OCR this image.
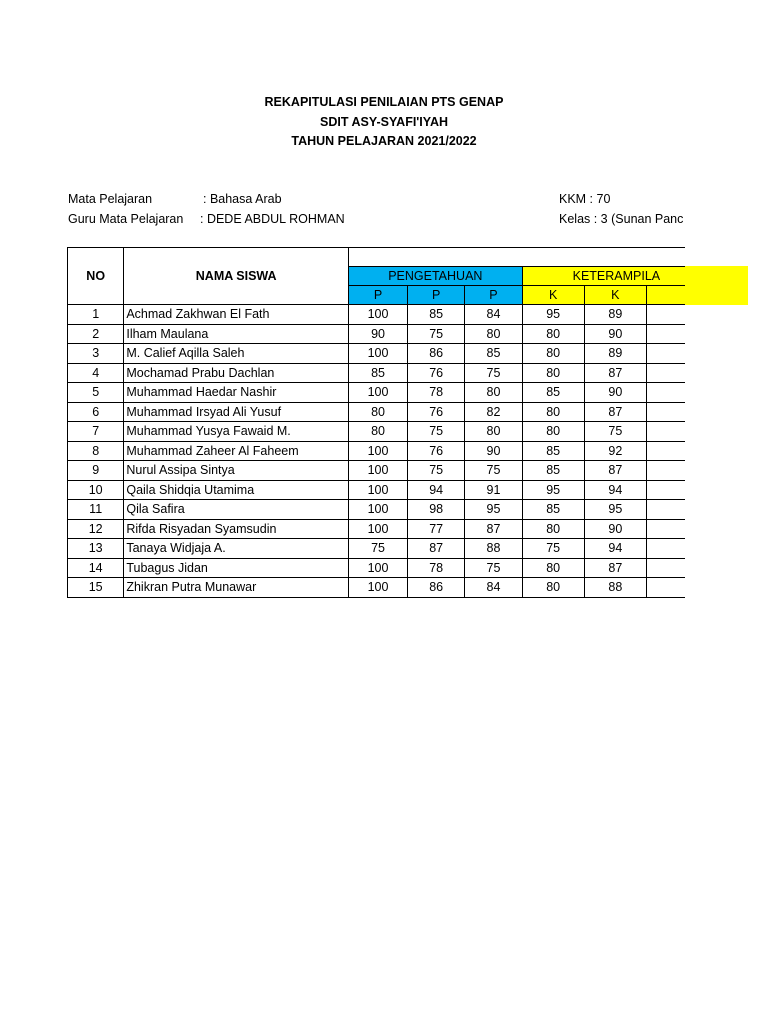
REKAPITULASI PENILAIAN PTS GENAP
SDIT ASY-SYAFI'IYAH
TAHUN PELAJARAN 2021/2022
Mata Pelajaran	: Bahasa Arab
Guru Mata Pelajaran : DEDE ABDUL ROHMAN
KKM : 70
Kelas : 3 (Sunan Panc
NO	NAMA SISWA						
		PENGETAHUAN			KETERAMPILA		
		P	P	P	K	K	
1	Achmad Zakhwan El Fath	100	85	84	95	89	
2	Ilham Maulana	90	75	80	80	90	
3	M. Calief Aqilla Saleh	100	86	85	80	89	
4	Mochamad Prabu Dachlan	85	76	75	80	87	
5	Muhammad Haedar Nashir	100	78	80	85	90	
6	Muhammad Irsyad Ali Yusuf	80	76	82	80	87	
7	Muhammad Yusya Fawaid M.	80	75	80	80	75	
8	Muhammad Zaheer Al Faheem	100	76	90	85	92	
9	Nurul Assipa Sintya	100	75	75	85	87	
10	Qaila Shidqia Utamima	100	94	91	95	94	
11	Qila Safira	100	98	95	85	95	
12	Rifda Risyadan Syamsudin	100	77	87	80	90	
13	Tanaya Widjaja A.	75	87	88	75	94	
14	Tubagus Jidan	100	78	75	80	87	
15	Zhikran Putra Munawar	100	86	84	80	88	
